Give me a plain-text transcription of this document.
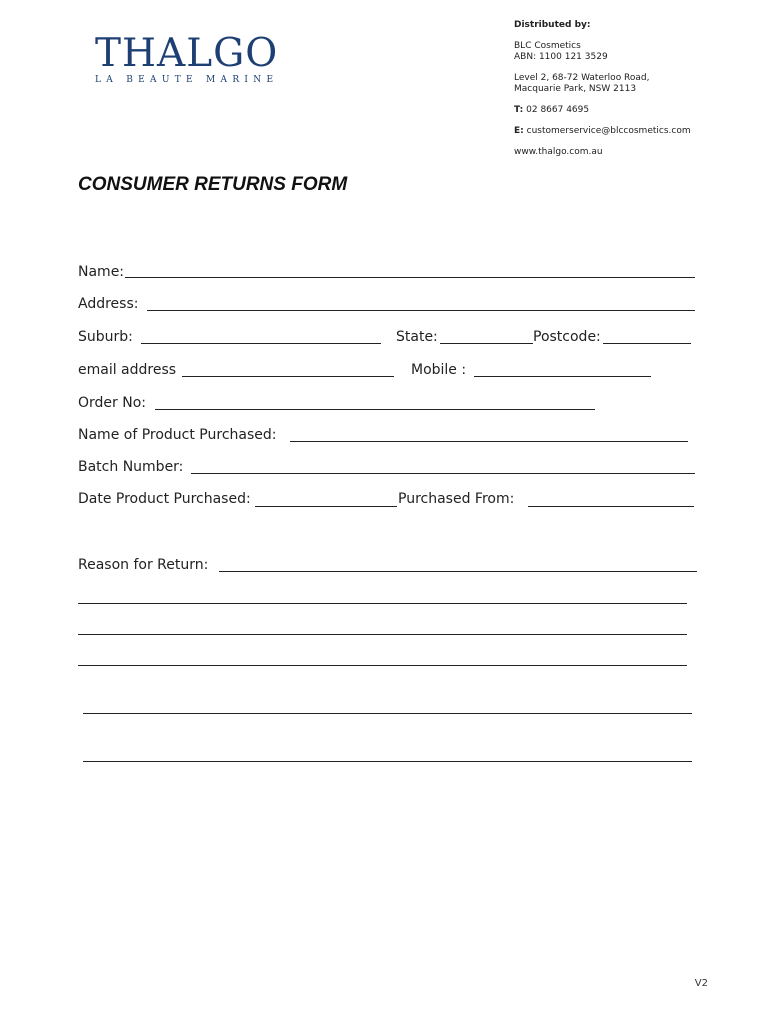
THALGO
LA BEAUTE MARINE
Distributed by:
BLC Cosmetics
ABN: 1100 121 3529
Level 2, 68-72 Waterloo Road,
Macquarie Park, NSW 2113
T: 02 8667 4695
E: customerservice@blccosmetics.com
www.thalgo.com.au
CONSUMER RETURNS FORM
Name:
Address:
Suburb:	State:	Postcode:
email address	Mobile :
Order No:
Name of Product Purchased:
Batch Number:
Date Product Purchased:	Purchased From:
Reason for Return:
V2
